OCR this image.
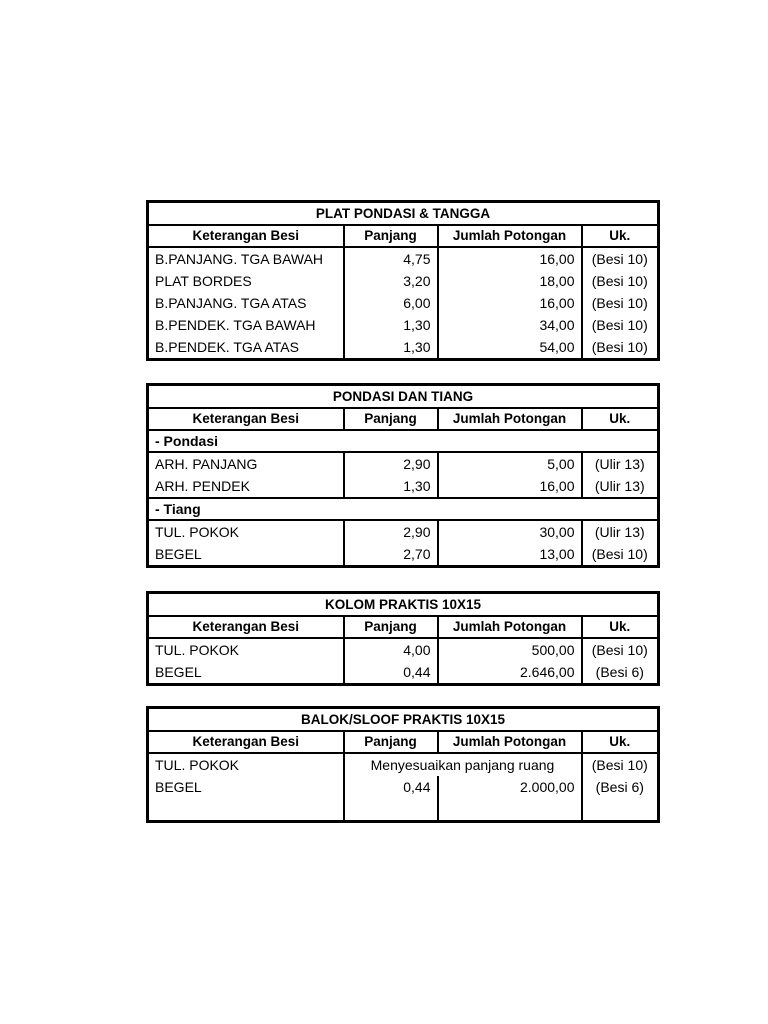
PLAT PONDASI & TANGGA			
Keterangan Besi	Panjang	Jumlah Potongan	Uk.
B.PANJANG. TGA BAWAH	4,75	16,00	(Besi 10)
PLAT BORDES	3,20	18,00	(Besi 10)
B.PANJANG. TGA ATAS	6,00	16,00	(Besi 10)
B.PENDEK. TGA BAWAH	1,30	34,00	(Besi 10)
B.PENDEK. TGA ATAS	1,30	54,00	(Besi 10)
PONDASI DAN TIANG			
Keterangan Besi	Panjang	Jumlah Potongan	Uk.
- Pondasi			
ARH. PANJANG	2,90	5,00	(Ulir 13)
ARH. PENDEK	1,30	16,00	(Ulir 13)
- Tiang			
TUL. POKOK	2,90	30,00	(Ulir 13)
BEGEL	2,70	13,00	(Besi 10)
KOLOM PRAKTIS 10X15			
Keterangan Besi	Panjang	Jumlah Potongan	Uk.
TUL. POKOK	4,00	500,00	(Besi 10)
BEGEL	0,44	2.646,00	(Besi 6)
BALOK/SLOOF PRAKTIS 10X15			
Keterangan Besi	Panjang	Jumlah Potongan	Uk.
TUL. POKOK	Menyesuaikan panjang ruang		(Besi 10)
BEGEL	0,44	2.000,00	(Besi 6)
